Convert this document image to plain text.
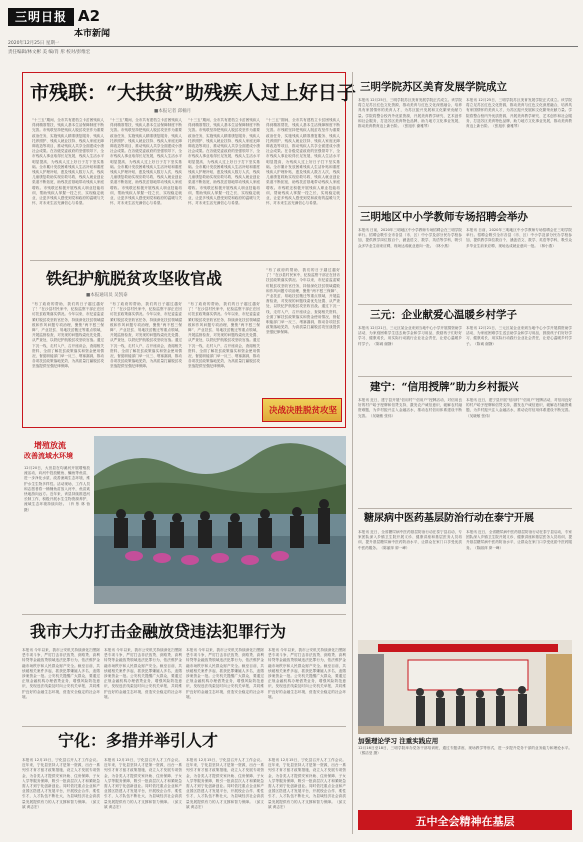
三明日报 A2
本市新闻
2020年12月25日 星期一
责任编辑/林文彬 美 编/肖 彤 校对/彭维宏
市残联：“大扶贫”助残疾人过上好日子
■本报记者 邱楠月
“十三五”期间，全市共有建档立卡贫困残疾人得到精准帮扶，残疾人基本生活保障制度不断完善。市残联坚持把残疾人脱贫攻坚作为重要政治任务，实施残疾人精准康复服务、残疾人托养照护、残疾人就业扶持、残疾人家庭无障碍改造等项目，推动残疾人共享全面建成小康社会成果。在各级党委政府的坚强领导下，全市残疾人事业取得长足发展，残疾人生活水平明显提高，为残疾人过上好日子打下坚实基础。全市累计发放困难残疾人生活补贴和重度残疾人护理补贴，惠及残疾人数万人次，残疾儿童康复救助实现应救尽救，残疾人就业创业渠道不断拓宽，助残扶贫基地带动残疾人家庭增收。市残联还积极开展残疾人职业技能培训，帮助残疾人掌握一技之长，实现稳定就业，让更多残疾人感受到党和政府的温暖与关怀，对未来生活充满信心与希望。
“十三五”期间，全市共有建档立卡贫困残疾人得到精准帮扶，残疾人基本生活保障制度不断完善。市残联坚持把残疾人脱贫攻坚作为重要政治任务，实施残疾人精准康复服务、残疾人托养照护、残疾人就业扶持、残疾人家庭无障碍改造等项目，推动残疾人共享全面建成小康社会成果。在各级党委政府的坚强领导下，全市残疾人事业取得长足发展，残疾人生活水平明显提高，为残疾人过上好日子打下坚实基础。全市累计发放困难残疾人生活补贴和重度残疾人护理补贴，惠及残疾人数万人次，残疾儿童康复救助实现应救尽救，残疾人就业创业渠道不断拓宽，助残扶贫基地带动残疾人家庭增收。市残联还积极开展残疾人职业技能培训，帮助残疾人掌握一技之长，实现稳定就业，让更多残疾人感受到党和政府的温暖与关怀，对未来生活充满信心与希望。
“十三五”期间，全市共有建档立卡贫困残疾人得到精准帮扶，残疾人基本生活保障制度不断完善。市残联坚持把残疾人脱贫攻坚作为重要政治任务，实施残疾人精准康复服务、残疾人托养照护、残疾人就业扶持、残疾人家庭无障碍改造等项目，推动残疾人共享全面建成小康社会成果。在各级党委政府的坚强领导下，全市残疾人事业取得长足发展，残疾人生活水平明显提高，为残疾人过上好日子打下坚实基础。全市累计发放困难残疾人生活补贴和重度残疾人护理补贴，惠及残疾人数万人次，残疾儿童康复救助实现应救尽救，残疾人就业创业渠道不断拓宽，助残扶贫基地带动残疾人家庭增收。市残联还积极开展残疾人职业技能培训，帮助残疾人掌握一技之长，实现稳定就业，让更多残疾人感受到党和政府的温暖与关怀，对未来生活充满信心与希望。
“十三五”期间，全市共有建档立卡贫困残疾人得到精准帮扶，残疾人基本生活保障制度不断完善。市残联坚持把残疾人脱贫攻坚作为重要政治任务，实施残疾人精准康复服务、残疾人托养照护、残疾人就业扶持、残疾人家庭无障碍改造等项目，推动残疾人共享全面建成小康社会成果。在各级党委政府的坚强领导下，全市残疾人事业取得长足发展，残疾人生活水平明显提高，为残疾人过上好日子打下坚实基础。全市累计发放困难残疾人生活补贴和重度残疾人护理补贴，惠及残疾人数万人次，残疾儿童康复救助实现应救尽救，残疾人就业创业渠道不断拓宽，助残扶贫基地带动残疾人家庭增收。市残联还积极开展残疾人职业技能培训，帮助残疾人掌握一技之长，实现稳定就业，让更多残疾人感受到党和政府的温暖与关怀，对未来生活充满信心与希望。
铁纪护航脱贫攻坚收官战
■本报通讯员 吴凯泰
“有了政府的帮助，我们的日子越过越好了！”在沙县村民家中，纪检监察干部正在回访扶贫政策落实情况。今年以来，市纪委监委紧盯脱贫攻坚收官任务，持续深化扶贫领域腐败和作风问题专项治理，聚焦“两不愁三保障”、产业扶贫、易地扶贫搬迁等重点领域，开展监督检查，对发现的问题线索优先处置、从严查处，以铁纪护航脱贫攻坚收官战。通过下沉一线，走村入户，召开座谈会，查阅相关资料，全面了解扶贫政策落实和资金使用情况，督促职能部门举一反三、堵塞漏洞，推动各项扶贫政策落地见效，为高质量打赢脱贫攻坚战提供坚强纪律保障。
“有了政府的帮助，我们的日子越过越好了！”在沙县村民家中，纪检监察干部正在回访扶贫政策落实情况。今年以来，市纪委监委紧盯脱贫攻坚收官任务，持续深化扶贫领域腐败和作风问题专项治理，聚焦“两不愁三保障”、产业扶贫、易地扶贫搬迁等重点领域，开展监督检查，对发现的问题线索优先处置、从严查处，以铁纪护航脱贫攻坚收官战。通过下沉一线，走村入户，召开座谈会，查阅相关资料，全面了解扶贫政策落实和资金使用情况，督促职能部门举一反三、堵塞漏洞，推动各项扶贫政策落地见效，为高质量打赢脱贫攻坚战提供坚强纪律保障。
“有了政府的帮助，我们的日子越过越好了！”在沙县村民家中，纪检监察干部正在回访扶贫政策落实情况。今年以来，市纪委监委紧盯脱贫攻坚收官任务，持续深化扶贫领域腐败和作风问题专项治理，聚焦“两不愁三保障”、产业扶贫、易地扶贫搬迁等重点领域，开展监督检查，对发现的问题线索优先处置、从严查处，以铁纪护航脱贫攻坚收官战。通过下沉一线，走村入户，召开座谈会，查阅相关资料，全面了解扶贫政策落实和资金使用情况，督促职能部门举一反三、堵塞漏洞，推动各项扶贫政策落地见效，为高质量打赢脱贫攻坚战提供坚强纪律保障。
“有了政府的帮助，我们的日子越过越好了！”在沙县村民家中，纪检监察干部正在回访扶贫政策落实情况。今年以来，市纪委监委紧盯脱贫攻坚收官任务，持续深化扶贫领域腐败和作风问题专项治理，聚焦“两不愁三保障”、产业扶贫、易地扶贫搬迁等重点领域，开展监督检查，对发现的问题线索优先处置、从严查处，以铁纪护航脱贫攻坚收官战。通过下沉一线，走村入户，召开座谈会，查阅相关资料，全面了解扶贫政策落实和资金使用情况，督促职能部门举一反三、堵塞漏洞，推动各项扶贫政策落地见效，为高质量打赢脱贫攻坚战提供坚强纪律保障。
决战决胜脱贫攻坚
增殖放流
改善流域水环境
12月20日，大田县在均溪河开展增殖放流活动，向河中投放鲢鱼、鳙鱼等鱼苗，进一步净化水质、改善流域生态环境，维护水生生物多样性。活动现场，工作人员和志愿者将一桶桶鱼苗放入河中，鱼苗欢快地游向远方。近年来，该县持续推进河长制工作，积极开展水生生物资源养护，流域生态环境持续向好。（肖 彤 林 怡 摄）
我市大力打击金融放贷违法犯罪行为
本报讯 今年以来，我市公安机关持续深化扫黑除恶专项斗争，严厉打击非法放贷、套路贷、高利转贷等金融放贷领域违法犯罪行为，依法维护金融市场秩序和人民群众财产安全。截至目前，共侦破相关案件多起，抓获犯罪嫌疑人多名，追缴涉案资金一批。公安机关提醒广大群众，要通过正规金融机构办理借贷业务，增强风险防范意识，发现违法线索及时向公安机关举报，共同维护良好的金融生态环境，营造安全稳定的社会环境。
本报讯 今年以来，我市公安机关持续深化扫黑除恶专项斗争，严厉打击非法放贷、套路贷、高利转贷等金融放贷领域违法犯罪行为，依法维护金融市场秩序和人民群众财产安全。截至目前，共侦破相关案件多起，抓获犯罪嫌疑人多名，追缴涉案资金一批。公安机关提醒广大群众，要通过正规金融机构办理借贷业务，增强风险防范意识，发现违法线索及时向公安机关举报，共同维护良好的金融生态环境，营造安全稳定的社会环境。
本报讯 今年以来，我市公安机关持续深化扫黑除恶专项斗争，严厉打击非法放贷、套路贷、高利转贷等金融放贷领域违法犯罪行为，依法维护金融市场秩序和人民群众财产安全。截至目前，共侦破相关案件多起，抓获犯罪嫌疑人多名，追缴涉案资金一批。公安机关提醒广大群众，要通过正规金融机构办理借贷业务，增强风险防范意识，发现违法线索及时向公安机关举报，共同维护良好的金融生态环境，营造安全稳定的社会环境。
本报讯 今年以来，我市公安机关持续深化扫黑除恶专项斗争，严厉打击非法放贷、套路贷、高利转贷等金融放贷领域违法犯罪行为，依法维护金融市场秩序和人民群众财产安全。截至目前，共侦破相关案件多起，抓获犯罪嫌疑人多名，追缴涉案资金一批。公安机关提醒广大群众，要通过正规金融机构办理借贷业务，增强风险防范意识，发现违法线索及时向公安机关举报，共同维护良好的金融生态环境，营造安全稳定的社会环境。
宁化：多措并举引人才
本报讯 12月15日，宁化县召开人才工作会议。近年来，宁化县坚持人才是第一资源，出台一系列引才育才留才政策措施，设立人才发展专项资金，为各类人才提供安家补助、住房保障、子女入学等服务保障，吸引一批高层次人才和紧缺急需人才到宁化创新创业。同时依托重点企业和产业园区搭建人才发展平台，开展校企合作、柔性引才，人才队伍不断壮大，为县域经济社会高质量发展提供有力的人才支撑和智力保障。（邱文斌 黄志宏）
本报讯 12月15日，宁化县召开人才工作会议。近年来，宁化县坚持人才是第一资源，出台一系列引才育才留才政策措施，设立人才发展专项资金，为各类人才提供安家补助、住房保障、子女入学等服务保障，吸引一批高层次人才和紧缺急需人才到宁化创新创业。同时依托重点企业和产业园区搭建人才发展平台，开展校企合作、柔性引才，人才队伍不断壮大，为县域经济社会高质量发展提供有力的人才支撑和智力保障。（邱文斌 黄志宏）
本报讯 12月15日，宁化县召开人才工作会议。近年来，宁化县坚持人才是第一资源，出台一系列引才育才留才政策措施，设立人才发展专项资金，为各类人才提供安家补助、住房保障、子女入学等服务保障，吸引一批高层次人才和紧缺急需人才到宁化创新创业。同时依托重点企业和产业园区搭建人才发展平台，开展校企合作、柔性引才，人才队伍不断壮大，为县域经济社会高质量发展提供有力的人才支撑和智力保障。（邱文斌 黄志宏）
本报讯 12月15日，宁化县召开人才工作会议。近年来，宁化县坚持人才是第一资源，出台一系列引才育才留才政策措施，设立人才发展专项资金，为各类人才提供安家补助、住房保障、子女入学等服务保障，吸引一批高层次人才和紧缺急需人才到宁化创新创业。同时依托重点企业和产业园区搭建人才发展平台，开展校企合作、柔性引才，人才队伍不断壮大，为县域经济社会高质量发展提供有力的人才支撑和智力保障。（邱文斌 黄志宏）
三明学院苏区美育发展学院成立
本报讯 12月25日，三明学院苏区美育发展学院正式成立。该学院将立足苏区红色文化资源，推动美育与红色文化深度融合，培养具有家国情怀的美育人才，为苏区振兴发展和文化繁荣贡献力量。学院将整合校内外优质资源，开展美育教学研究、艺术创作和社会服务，打造苏区美育特色品牌，助力地方文化事业发展，推动美育教育迈上新台阶。（张旭东 谢雅琴）
本报讯 12月25日，三明学院苏区美育发展学院正式成立。该学院将立足苏区红色文化资源，推动美育与红色文化深度融合，培养具有家国情怀的美育人才，为苏区振兴发展和文化繁荣贡献力量。学院将整合校内外优质资源，开展美育教学研究、艺术创作和社会服务，打造苏区美育特色品牌，助力地方文化事业发展，推动美育教育迈上新台阶。（张旭东 谢雅琴）
三明地区中小学教师专场招聘会举办
本报讯 日前，2020年三明地区中小学教师专场招聘会在三明学院举行。招聘会吸引全市各县（市、区）中小学及部分民办学校参加，提供教学岗位数百个，涵盖语文、数学、英语等学科，吸引众多毕业生前来应聘，现场达成就业意向一批。（林小燕）
本报讯 日前，2020年三明地区中小学教师专场招聘会在三明学院举行。招聘会吸引全市各县（市、区）中小学及部分民办学校参加，提供教学岗位数百个，涵盖语文、数学、英语等学科，吸引众多毕业生前来应聘，现场达成就业意向一批。（林小燕）
三元：企业献爱心温暖乡村学子
本报讯 12月21日，三元区某企业来到当地中心小学开展捐资助学活动，为家庭困难学生送去助学金和学习用品，鼓励孩子们好好学习、健康成长，用实际行动践行企业社会责任，让爱心温暖乡村学子。（陈诚 谢静）
本报讯 12月21日，三元区某企业来到当地中心小学开展捐资助学活动，为家庭困难学生送去助学金和学习用品，鼓励孩子们好好学习、健康成长，用实际行动践行企业社会责任，让爱心温暖乡村学子。（陈诚 谢静）
建宁：“信用授牌”助力乡村振兴
本报讯 近日，建宁县开展“信用村”“信用户”授牌活动，对信用良好的村户给予授牌和信贷支持，激发农户诚信意识，破解农村融资难题，为乡村振兴注入金融活水，推动农村信用体系建设不断完善。（吴晓敏 张伟）
本报讯 近日，建宁县开展“信用村”“信用户”授牌活动，对信用良好的村户给予授牌和信贷支持，激发农户诚信意识，破解农村融资难题，为乡村振兴注入金融活水，推动农村信用体系建设不断完善。（吴晓敏 张伟）
糖尿病中医药基层防治行动在泰宁开展
本报讯 近日，全省糖尿病中医药基层防治行动在泰宁县启动，专家团队深入乡镇卫生院开展义诊、健康讲座和基层医务人员培训，提升基层糖尿病中医药防治水平，让群众在家门口享受优质中医药服务。（陈丽萍 廖一峰）
本报讯 近日，全省糖尿病中医药基层防治行动在泰宁县启动，专家团队深入乡镇卫生院开展义诊、健康讲座和基层医务人员培训，提升基层糖尿病中医药防治水平，让群众在家门口享受优质中医药服务。（陈丽萍 廖一峰）
加强理论学习 注重实践应用
12月16日至18日，三明学院举办党务干部培训班，通过专题讲座、现场教学等形式，进一步提升党务干部的业务能力和理论水平。（熊洁莹 摄）
五中全会精神在基层
